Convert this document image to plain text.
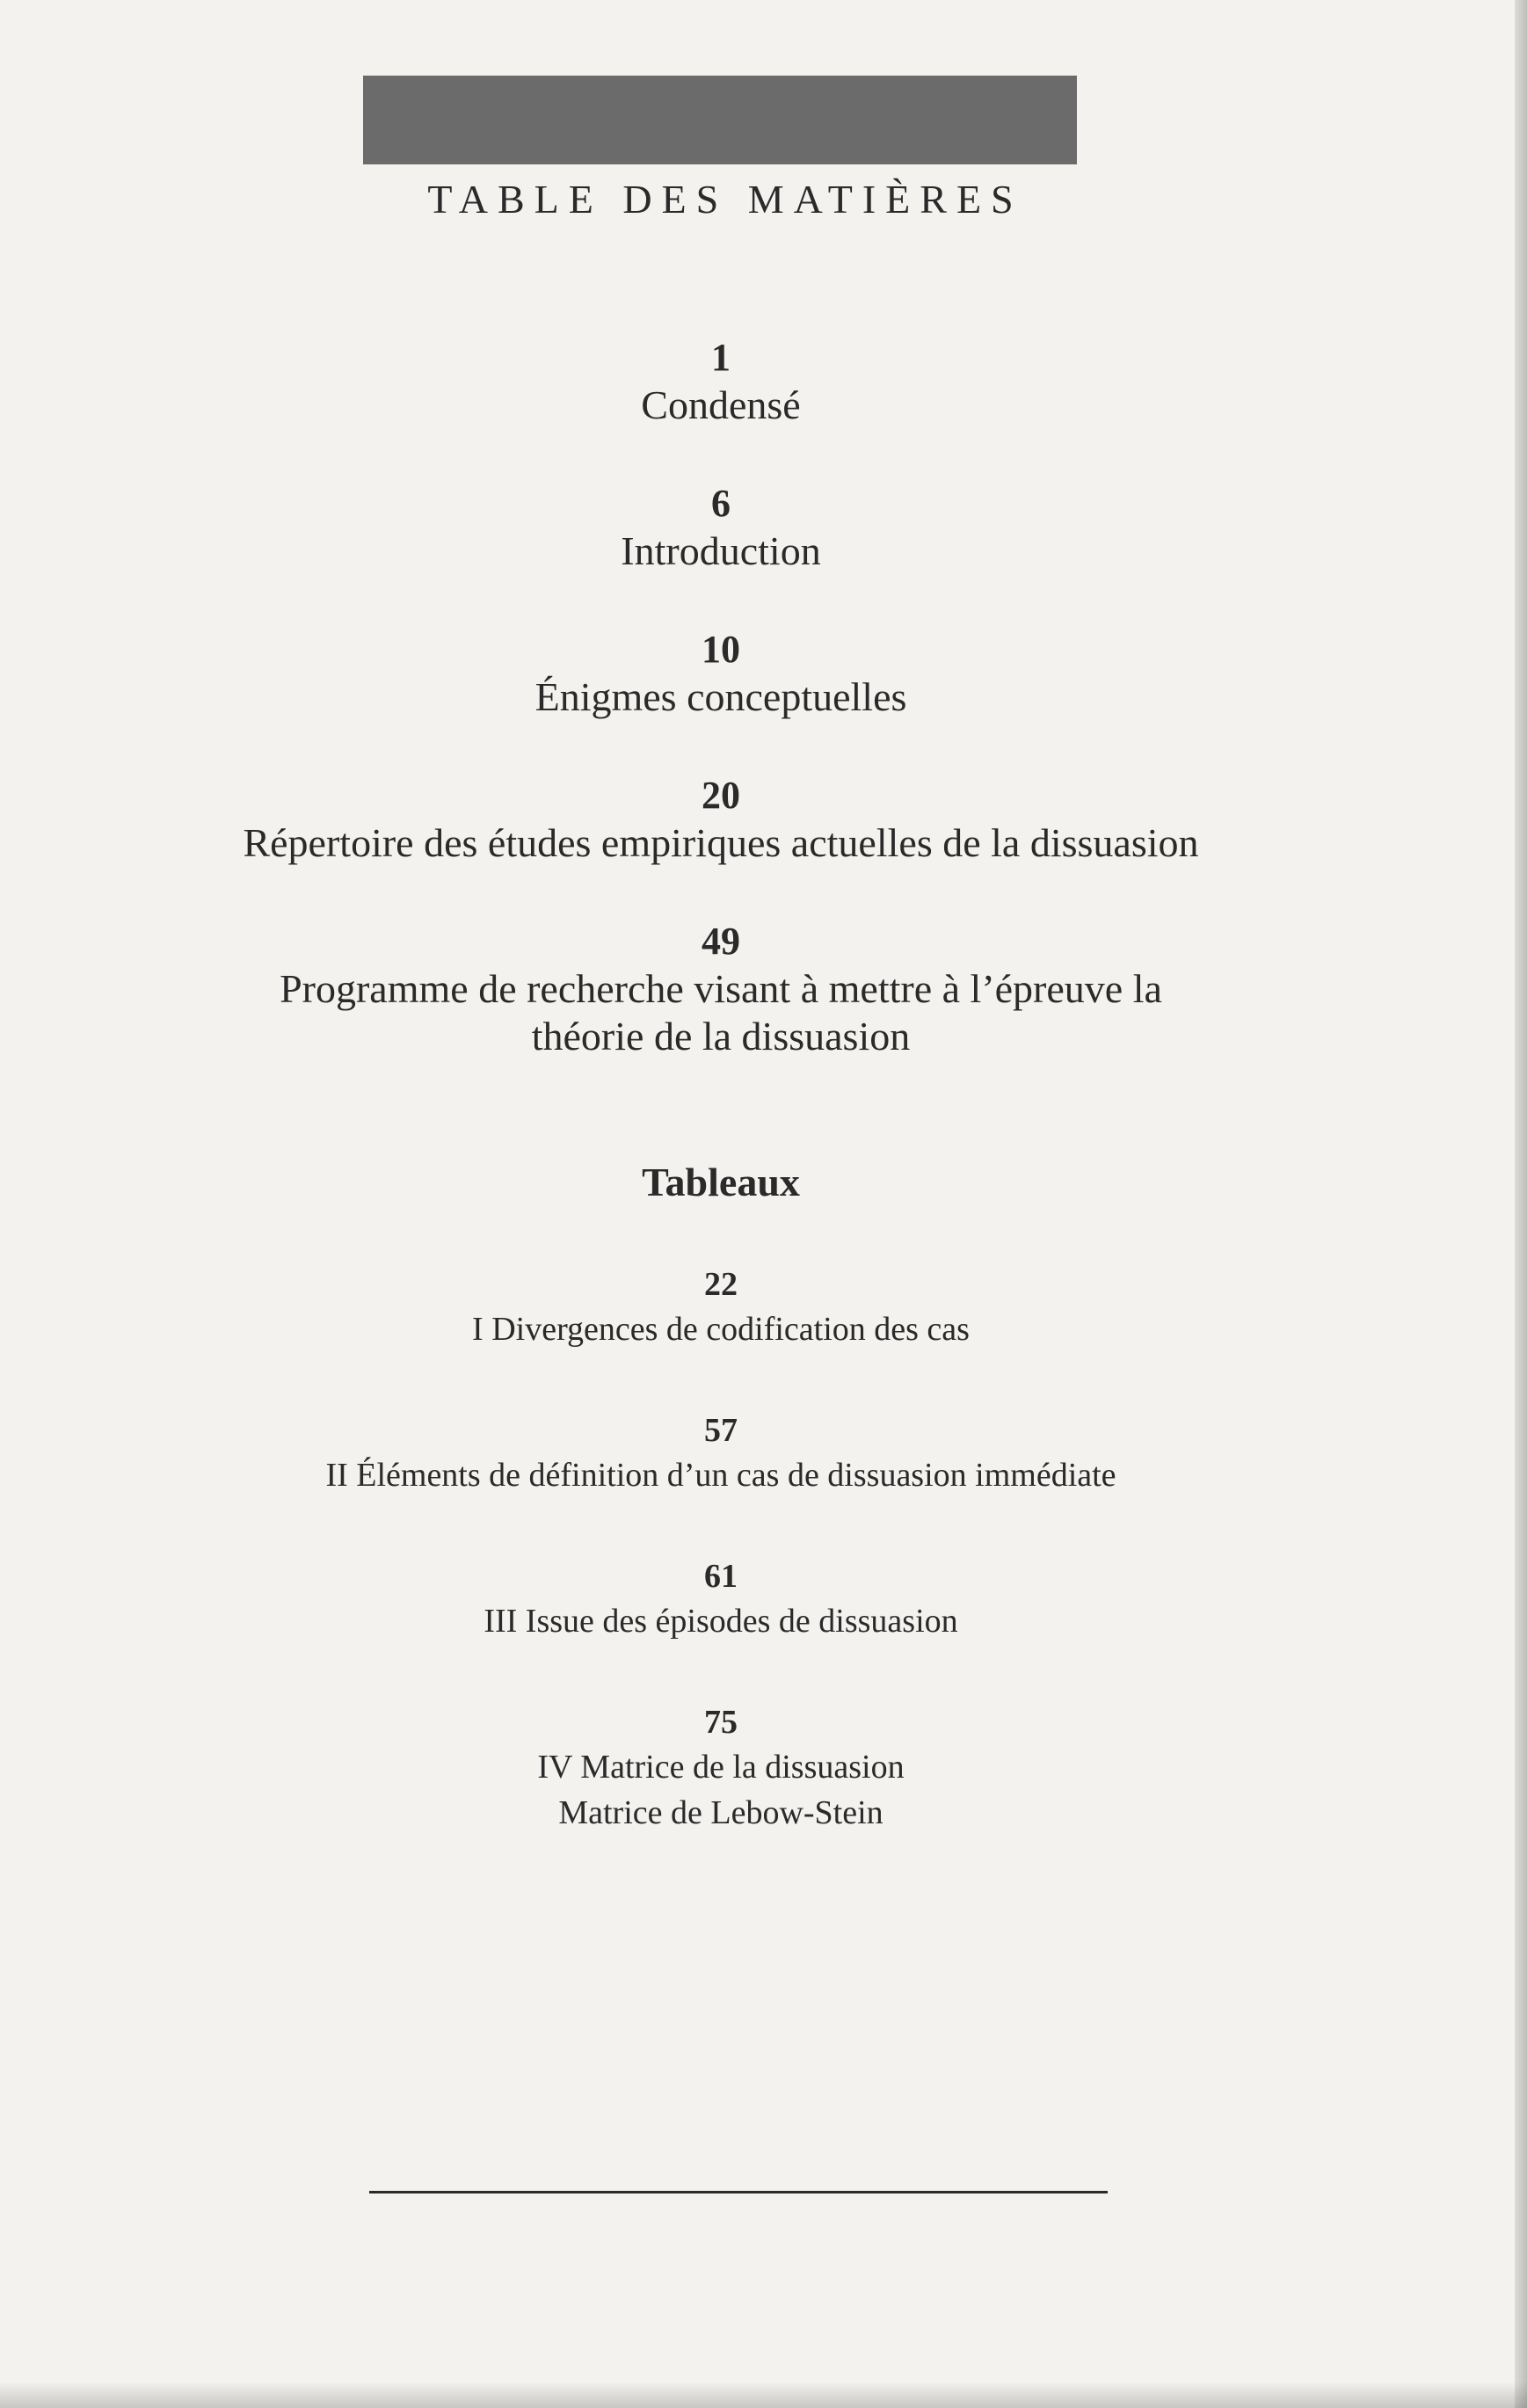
TABLE DES MATIÈRES
1
Condensé
6
Introduction
10
Énigmes conceptuelles
20
Répertoire des études empiriques actuelles de la dissuasion
49
Programme de recherche visant à mettre à l’épreuve la
théorie de la dissuasion
Tableaux
22
I Divergences de codification des cas
57
II Éléments de définition d’un cas de dissuasion immédiate
61
III Issue des épisodes de dissuasion
75
IV Matrice de la dissuasion
Matrice de Lebow-Stein
